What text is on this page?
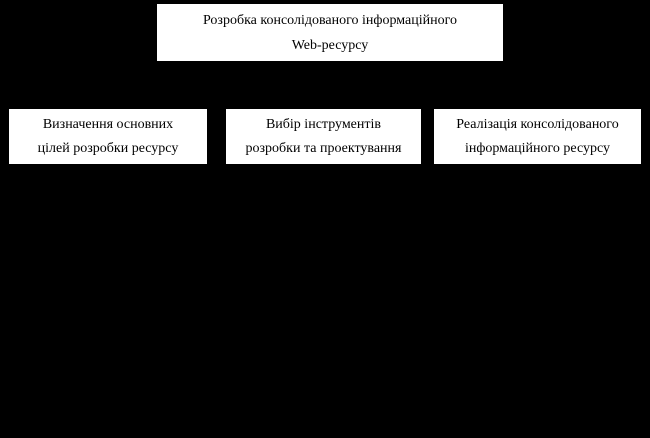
Розробка консолідованого інформаційного
Web-ресурсу
Визначення основних
цілей розробки ресурсу
Вибір інструментів
розробки та проектування
Реалізація консолідованого
інформаційного ресурсу
